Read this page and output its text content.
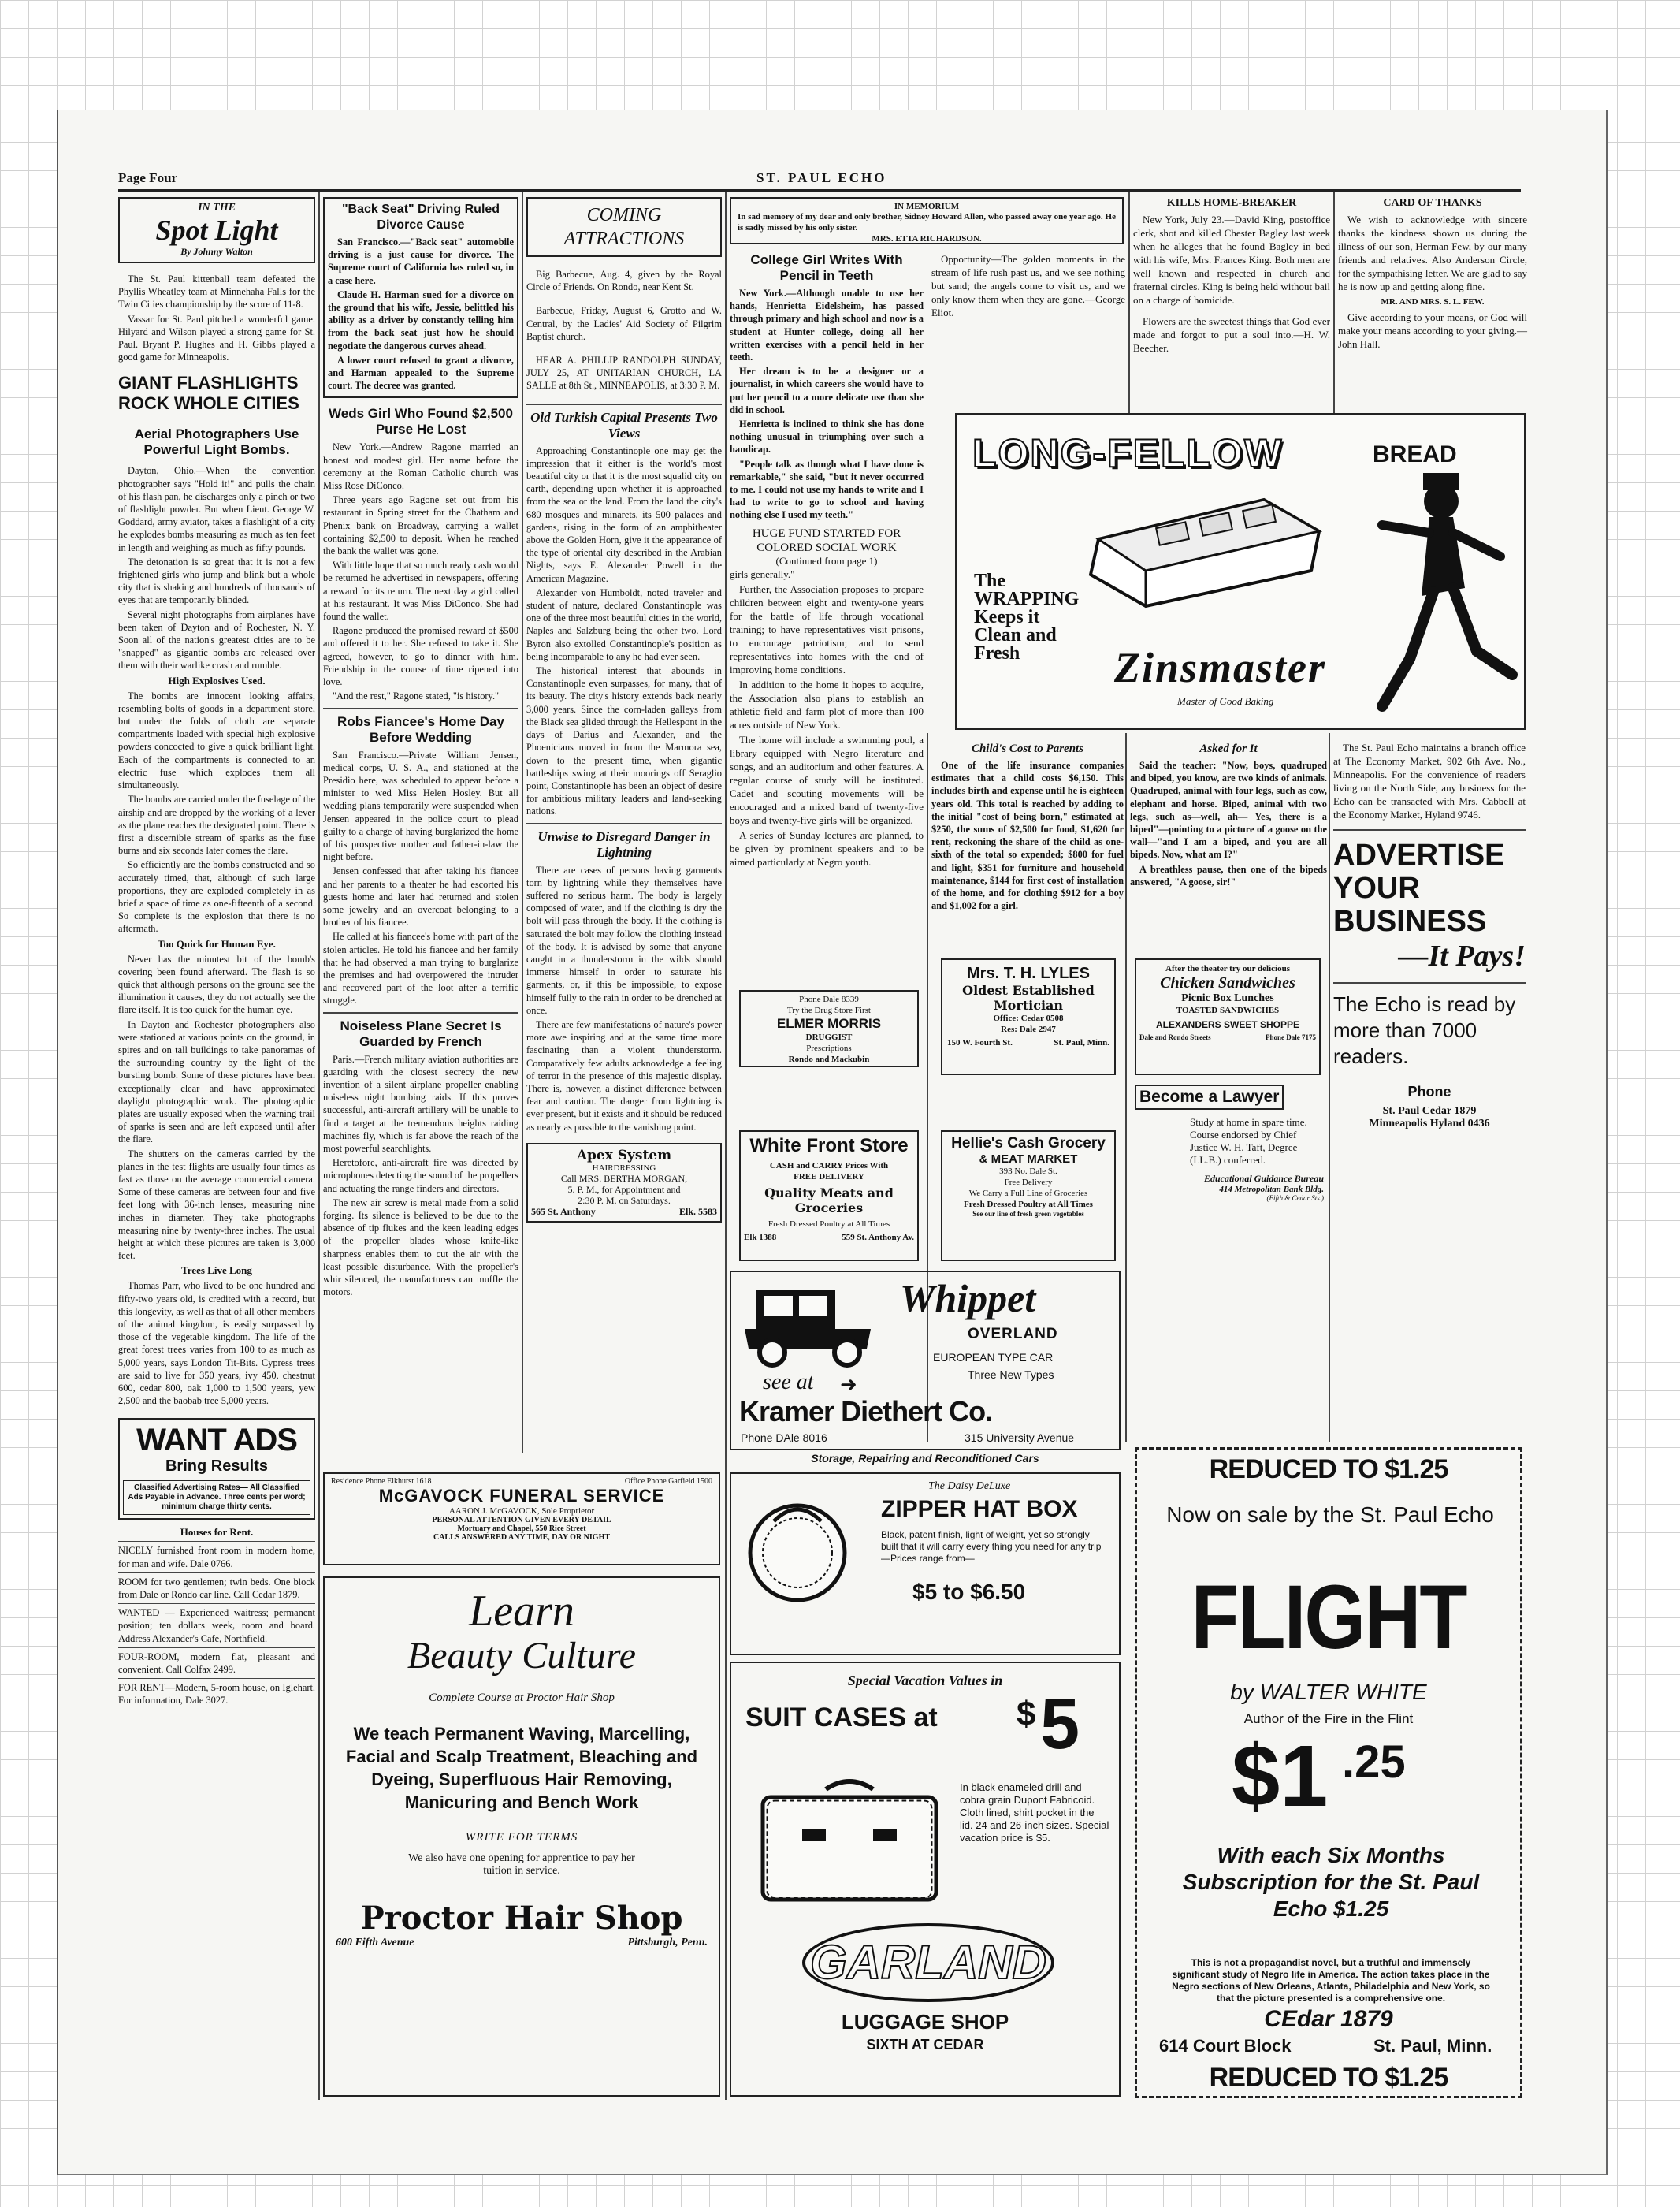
Page Four	ST. PAUL ECHO
IN THE
Spot Light
By Johnny Walton

The St. Paul kittenball team defeated the Phyllis Wheatley team at Minnehaha Falls for the Twin Cities championship by the score of 11-8.

Vassar for St. Paul pitched a wonderful game. Hilyard and Wilson played a strong game for St. Paul. Bryant P. Hughes and H. Gibbs played a good game for Minneapolis.

GIANT FLASHLIGHTS ROCK WHOLE CITIES
Aerial Photographers Use Powerful Light Bombs.

Dayton, Ohio.—When the convention photographer says "Hold it!" and pulls the chain of his flash pan, he discharges only a pinch or two of flashlight powder. But when Lieut. George W. Goddard, army aviator, takes a flashlight of a city he explodes bombs measuring as much as ten feet in length and weighing as much as fifty pounds.

The detonation is so great that it is not a few frightened girls who jump and blink but a whole city that is shaking and hundreds of thousands of eyes that are temporarily blinded.

Several night photographs from airplanes have been taken of Dayton and of Rochester, N. Y. Soon all of the nation's greatest cities are to be "snapped" as gigantic bombs are released over them with their warlike crash and rumble.

High Explosives Used.

The bombs are innocent looking affairs, resembling bolts of goods in a department store, but under the folds of cloth are separate compartments loaded with special high explosive powders concocted to give a quick brilliant light. Each of the compartments is connected to an electric fuse which explodes them all simultaneously.

The bombs are carried under the fuselage of the airship and are dropped by the working of a lever as the plane reaches the designated point. There is first a discernible stream of sparks as the fuse burns and six seconds later comes the flare.

So efficiently are the bombs constructed and so accurately timed, that, although of such large proportions, they are exploded completely in as brief a space of time as one-fifteenth of a second. So complete is the explosion that there is no aftermath.

Too Quick for Human Eye.

Never has the minutest bit of the bomb's covering been found afterward. The flash is so quick that although persons on the ground see the illumination it causes, they do not actually see the flare itself. It is too quick for the human eye.

In Dayton and Rochester photographers also were stationed at various points on the ground, in spires and on tall buildings to take panoramas of the surrounding country by the light of the bursting bomb. Some of these pictures have been exceptionally clear and have approximated daylight photographic work. The photographic plates are usually exposed when the warning trail of sparks is seen and are left exposed until after the flare.

The shutters on the cameras carried by the planes in the test flights are usually four times as fast as those on the average commercial camera. Some of these cameras are between four and five feet long with 36-inch lenses, measuring nine inches in diameter. They take photographs measuring nine by twenty-three inches. The usual height at which these pictures are taken is 3,000 feet.

Trees Live Long

Thomas Parr, who lived to be one hundred and fifty-two years old, is credited with a record, but this longevity, as well as that of all other members of the animal kingdom, is easily surpassed by those of the vegetable kingdom. The life of the great forest trees varies from 100 to as much as 5,000 years, says London Tit-Bits. Cypress trees are said to live for 350 years, ivy 450, chestnut 600, cedar 800, oak 1,000 to 1,500 years, yew 2,500 and the baobab tree 5,000 years.

WANT ADS
Bring Results
Classified Advertising Rates— All Classified Ads Payable in Advance. Three cents per word; minimum charge thirty cents.
Houses for Rent.
NICELY furnished front room in modern home, for man and wife. Dale 0766.
ROOM for two gentlemen; twin beds. One block from Dale or Rondo car line. Call Cedar 1879.
WANTED — Experienced waitress; permanent position; ten dollars week, room and board. Address Alexander's Cafe, Northfield.
FOUR-ROOM, modern flat, pleasant and convenient. Call Colfax 2499.
FOR RENT—Modern, 5-room house, on Iglehart. For information, Dale 3027.
"Back Seat" Driving Ruled Divorce Cause

San Francisco.—"Back seat" automobile driving is a just cause for divorce. The Supreme court of California has ruled so, in a case here.

Claude H. Harman sued for a divorce on the ground that his wife, Jessie, belittled his ability as a driver by constantly telling him from the back seat just how he should negotiate the dangerous curves ahead.

A lower court refused to grant a divorce, and Harman appealed to the Supreme court. The decree was granted.

Weds Girl Who Found $2,500 Purse He Lost

New York.—Andrew Ragone married an honest and modest girl. Her name before the ceremony at the Roman Catholic church was Miss Rose DiConco.

Three years ago Ragone set out from his restaurant in Spring street for the Chatham and Phenix bank on Broadway, carrying a wallet containing $2,500 to deposit. When he reached the bank the wallet was gone.

With little hope that so much ready cash would be returned he advertised in newspapers, offering a reward for its return. The next day a girl called at his restaurant. It was Miss DiConco. She had found the wallet.

Ragone produced the promised reward of $500 and offered it to her. She refused to take it. She agreed, however, to go to dinner with him. Friendship in the course of time ripened into love.

"And the rest," Ragone stated, "is history."

Robs Fiancee's Home Day Before Wedding

San Francisco.—Private William Jensen, medical corps, U. S. A., and stationed at the Presidio here, was scheduled to appear before a minister to wed Miss Helen Hosley. But all wedding plans temporarily were suspended when Jensen appeared in the police court to plead guilty to a charge of having burglarized the home of his prospective mother and father-in-law the night before.

Jensen confessed that after taking his fiancee and her parents to a theater he had escorted his guests home and later had returned and stolen some jewelry and an overcoat belonging to a brother of his fiancee.

He called at his fiancee's home with part of the stolen articles. He told his fiancee and her family that he had observed a man trying to burglarize the premises and had overpowered the intruder and recovered part of the loot after a terrific struggle.

Noiseless Plane Secret Is Guarded by French

Paris.—French military aviation authorities are guarding with the closest secrecy the new invention of a silent airplane propeller enabling noiseless night bombing raids. If this proves successful, anti-aircraft artillery will be unable to find a target at the tremendous heights raiding machines fly, which is far above the reach of the most powerful searchlights.

Heretofore, anti-aircraft fire was directed by microphones detecting the sound of the propellers and actuating the range finders and directors.

The new air screw is metal made from a solid forging. Its silence is believed to be due to the absence of tip flukes and the keen leading edges of the propeller blades whose knife-like sharpness enables them to cut the air with the least possible disturbance. With the propeller's whir silenced, the manufacturers can muffle the motors.

COMING ATTRACTIONS

Big Barbecue, Aug. 4, given by the Royal Circle of Friends. On Rondo, near Kent St.

Barbecue, Friday, August 6, Grotto and W. Central, by the Ladies' Aid Society of Pilgrim Baptist church.

HEAR A. PHILLIP RANDOLPH SUNDAY, JULY 25, AT UNITARIAN CHURCH, LA SALLE at 8th St., MINNEAPOLIS, at 3:30 P. M.

Old Turkish Capital Presents Two Views

Approaching Constantinople one may get the impression that it either is the world's most beautiful city or that it is the most squalid city on earth, depending upon whether it is approached from the sea or the land. From the land the city's 680 mosques and minarets, its 500 palaces and gardens, rising in the form of an amphitheater above the Golden Horn, give it the appearance of the type of oriental city described in the Arabian Nights, says E. Alexander Powell in the American Magazine.

Alexander von Humboldt, noted traveler and student of nature, declared Constantinople was one of the three most beautiful cities in the world, Naples and Salzburg being the other two. Lord Byron also extolled Constantinople's position as being incomparable to any he had ever seen.

The historical interest that abounds in Constantinople even surpasses, for many, that of its beauty. The city's history extends back nearly 3,000 years. Since the corn-laden galleys from the Black sea glided through the Hellespont in the days of Darius and Alexander, and the Phoenicians moved in from the Marmora sea, down to the present time, when gigantic battleships swing at their moorings off Seraglio point, Constantinople has been an object of desire for ambitious military leaders and land-seeking nations.

Unwise to Disregard Danger in Lightning

There are cases of persons having garments torn by lightning while they themselves have suffered no serious harm. The body is largely composed of water, and if the clothing is dry the bolt will pass through the body. If the clothing is saturated the bolt may follow the clothing instead of the body. It is advised by some that anyone caught in a thunderstorm in the wilds should immerse himself in order to saturate his garments, or, if this be impossible, to expose himself fully to the rain in order to be drenched at once.

There are few manifestations of nature's power more awe inspiring and at the same time more fascinating than a violent thunderstorm. Comparatively few adults acknowledge a feeling of terror in the presence of this majestic display. There is, however, a distinct difference between fear and caution. The danger from lightning is ever present, but it exists and it should be reduced as nearly as possible to the vanishing point.

Apex System
HAIRDRESSING
Call MRS. BERTHA MORGAN,
5. P. M., for Appointment and
2:30 P. M. on Saturdays.
565 St. Anthony	Elk. 5583
Residence Phone Elkhurst 1618	Office Phone Garfield 1500
McGAVOCK FUNERAL SERVICE
AARON J. McGAVOCK, Sole Proprietor
PERSONAL ATTENTION GIVEN EVERY DETAIL
Mortuary and Chapel, 550 Rice Street
CALLS ANSWERED ANY TIME, DAY OR NIGHT
Learn
Beauty Culture
Complete Course at Proctor Hair Shop
We teach Permanent Waving, Marcelling, Facial and Scalp Treatment, Bleaching and Dyeing, Superfluous Hair Removing, Manicuring and Bench Work
WRITE FOR TERMS
We also have one opening for apprentice to pay her tuition in service.
Proctor Hair Shop
600 Fifth Avenue	Pittsburgh, Penn.
IN MEMORIUM
In sad memory of my dear and only brother, Sidney Howard Allen, who passed away one year ago. He is sadly missed by his only sister.
MRS. ETTA RICHARDSON.
College Girl Writes With Pencil in Teeth

New York.—Although unable to use her hands, Henrietta Eidelsheim, has passed through primary and high school and now is a student at Hunter college, doing all her written exercises with a pencil held in her teeth.

Her dream is to be a designer or a journalist, in which careers she would have to put her pencil to a more delicate use than she did in school.

Henrietta is inclined to think she has done nothing unusual in triumphing over such a handicap.

"People talk as though what I have done is remarkable," she said, "but it never occurred to me. I could not use my hands to write and I had to write to go to school and having nothing else I used my teeth."

HUGE FUND STARTED FOR COLORED SOCIAL WORK
(Continued from page 1)

girls generally."

Further, the Association proposes to prepare children between eight and twenty-one years for the battle of life through vocational training; to have representatives visit prisons, to encourage patriotism; and to send representatives into homes with the end of improving home conditions.

In addition to the home it hopes to acquire, the Association also plans to establish an athletic field and farm plot of more than 100 acres outside of New York.

The home will include a swimming pool, a library equipped with Negro literature and songs, and an auditorium and other features. A regular course of study will be instituted. Cadet and scouting movements will be encouraged and a mixed band of twenty-five boys and twenty-five girls will be organized.

A series of Sunday lectures are planned, to be given by prominent speakers and to be aimed particularly at Negro youth.

Opportunity—The golden moments in the stream of life rush past us, and we see nothing but sand; the angels come to visit us, and we only know them when they are gone.—George Eliot.

KILLS HOME-BREAKER

New York, July 23.—David King, postoffice clerk, shot and killed Chester Bagley last week when he alleges that he found Bagley in bed with his wife, Mrs. Frances King. Both men are well known and respected in church and fraternal circles. King is being held without bail on a charge of homicide.

Flowers are the sweetest things that God ever made and forgot to put a soul into.—H. W. Beecher.

CARD OF THANKS

We wish to acknowledge with sincere thanks the kindness shown us during the illness of our son, Herman Few, by our many friends and relatives. Also Anderson Circle, for the sympathising letter. We are glad to say he is now up and getting along fine.

MR. AND MRS. S. L. FEW.

Give according to your means, or God will make your means according to your giving.—John Hall.

LONG-FELLOW	BREAD
The
WRAPPING
Keeps it
Clean and
Fresh	Zinsmaster
Master of Good Baking
Child's Cost to Parents

One of the life insurance companies estimates that a child costs $6,150. This includes birth and expense until he is eighteen years old. This total is reached by adding to the initial "cost of being born," estimated at $250, the sums of $2,500 for food, $1,620 for rent, reckoning the share of the child as one-sixth of the total so expended; $800 for fuel and light, $351 for furniture and household maintenance, $144 for first cost of installation of the home, and for clothing $912 for a boy and $1,002 for a girl.

Asked for It

Said the teacher: "Now, boys, quadruped and biped, you know, are two kinds of animals. Quadruped, animal with four legs, such as cow, elephant and horse. Biped, animal with two legs, such as—well, ah— Yes, there is a biped"—pointing to a picture of a goose on the wall—"and I am a biped, and you are all bipeds. Now, what am I?"

A breathless pause, then one of the bipeds answered, "A goose, sir!"

The St. Paul Echo maintains a branch office at The Economy Market, 902 6th Ave. No., Minneapolis. For the convenience of readers living on the North Side, any business for the Echo can be transacted with Mrs. Cabbell at the Economy Market, Hyland 9746.

ADVERTISE
YOUR
BUSINESS
—It Pays!
The Echo is read by more than 7000 readers.
Phone
St. Paul Cedar 1879
Minneapolis Hyland 0436
Phone Dale 8339
Try the Drug Store First
ELMER MORRIS
DRUGGIST
Prescriptions
Rondo and Mackubin
Mrs. T. H. LYLES
Oldest Established
Mortician
Office: Cedar 0508
Res: Dale 2947
150 W. Fourth St.	St. Paul, Minn.
After the theater try our delicious
Chicken Sandwiches
Picnic Box Lunches
TOASTED SANDWICHES
ALEXANDERS SWEET SHOPPE
Dale and Rondo Streets	Phone Dale 7175
Become a Lawyer
Study at home in spare time. Course endorsed by Chief Justice W. H. Taft, Degree (LL.B.) conferred.
Educational Guidance Bureau
414 Metropolitan Bank Bldg.
(Fifth & Cedar Sts.)
White Front Store
CASH and CARRY Prices With
FREE DELIVERY
Quality Meats and Groceries
Fresh Dressed Poultry at All Times
Elk 1388	559 St. Anthony Av.
Hellie's Cash Grocery
& MEAT MARKET
393 No. Dale St.
Free Delivery
We Carry a Full Line of Groceries
Fresh Dressed Poultry at All Times
See our line of fresh green vegetables
Whippet
OVERLAND
EUROPEAN TYPE CAR
Three New Types
see at ➜
Kramer Diethert Co.
Phone DAle 8016	315 University Avenue
Storage, Repairing and Reconditioned Cars
The Daisy DeLuxe
ZIPPER HAT BOX
Black, patent finish, light of weight, yet so strongly built that it will carry every thing you need for any trip—Prices range from—
$5 to $6.50
Special Vacation Values in
SUIT CASES at $ 5
In black enameled drill and cobra grain Dupont Fabricoid. Cloth lined, shirt pocket in the lid. 24 and 26-inch sizes. Special vacation price is $5.
GARLAND
LUGGAGE SHOP
SIXTH AT CEDAR
REDUCED TO $1.25
Now on sale by the St. Paul Echo
FLIGHT
by WALTER WHITE
Author of the Fire in the Flint
$1 .25
With each Six Months Subscription for the St. Paul Echo $1.25
This is not a propagandist novel, but a truthful and immensely significant study of Negro life in America. The action takes place in the Negro sections of New Orleans, Atlanta, Philadelphia and New York, so that the picture presented is a comprehensive one.
CEdar 1879
614 Court Block	St. Paul, Minn.
REDUCED TO $1.25
